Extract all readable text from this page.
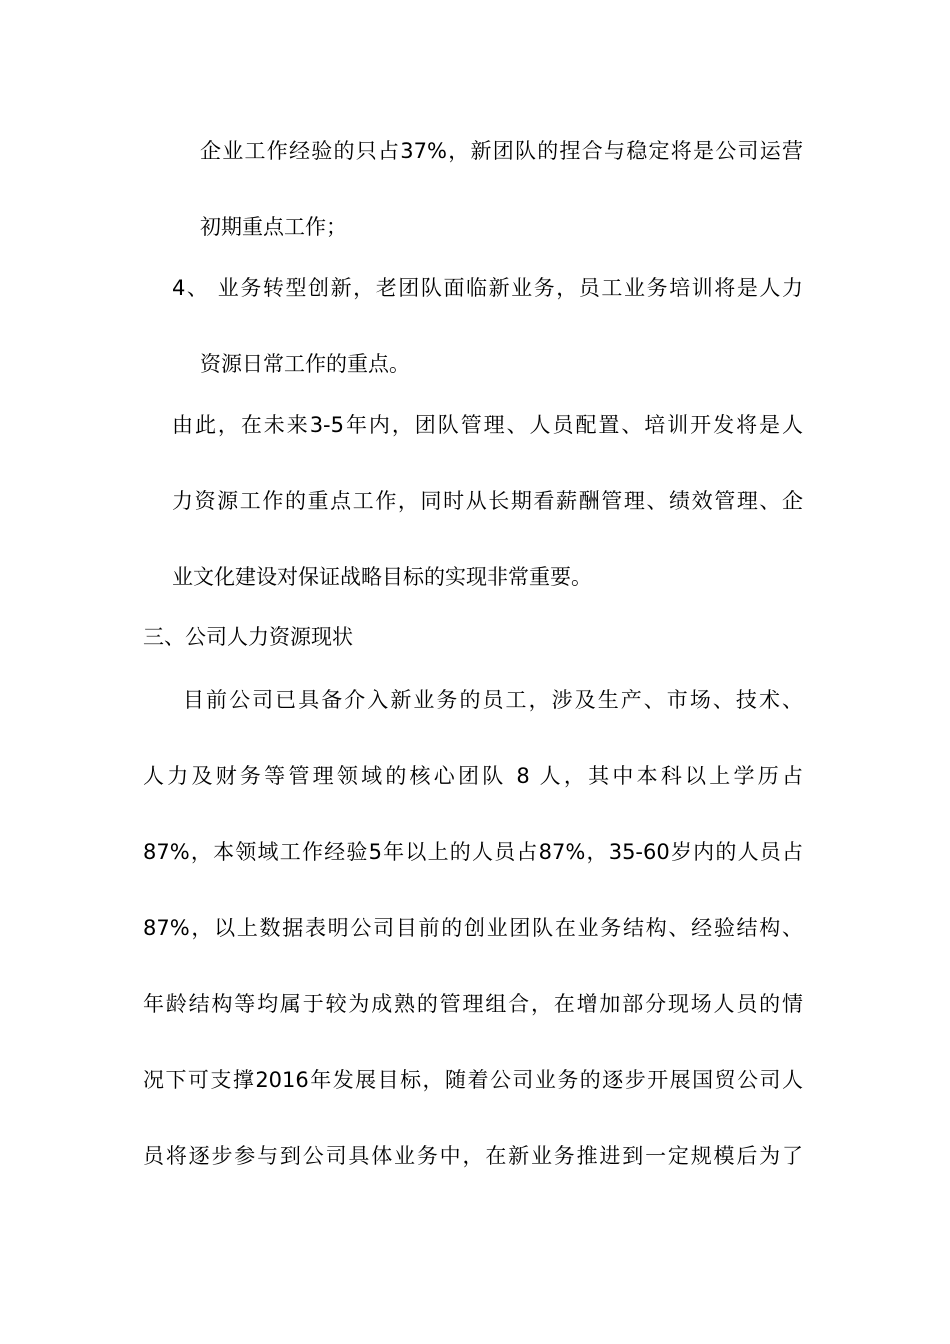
企业工作经验的只占37%，新团队的捏合与稳定将是公司运营
初期重点工作；
4、 业务转型创新，老团队面临新业务，员工业务培训将是人力
资源日常工作的重点。
由此，在未来3-5年内，团队管理、人员配置、培训开发将是人
力资源工作的重点工作，同时从长期看薪酬管理、绩效管理、企
业文化建设对保证战略目标的实现非常重要。
三、公司人力资源现状
目前公司已具备介入新业务的员工，涉及生产、市场、技术、
人力及财务等管理领域的核心团队 8 人，其中本科以上学历占
87%，本领域工作经验5年以上的人员占87%，35-60岁内的人员占
87%，以上数据表明公司目前的创业团队在业务结构、经验结构、
年龄结构等均属于较为成熟的管理组合，在增加部分现场人员的情
况下可支撑2016年发展目标，随着公司业务的逐步开展国贸公司人
员将逐步参与到公司具体业务中，在新业务推进到一定规模后为了
